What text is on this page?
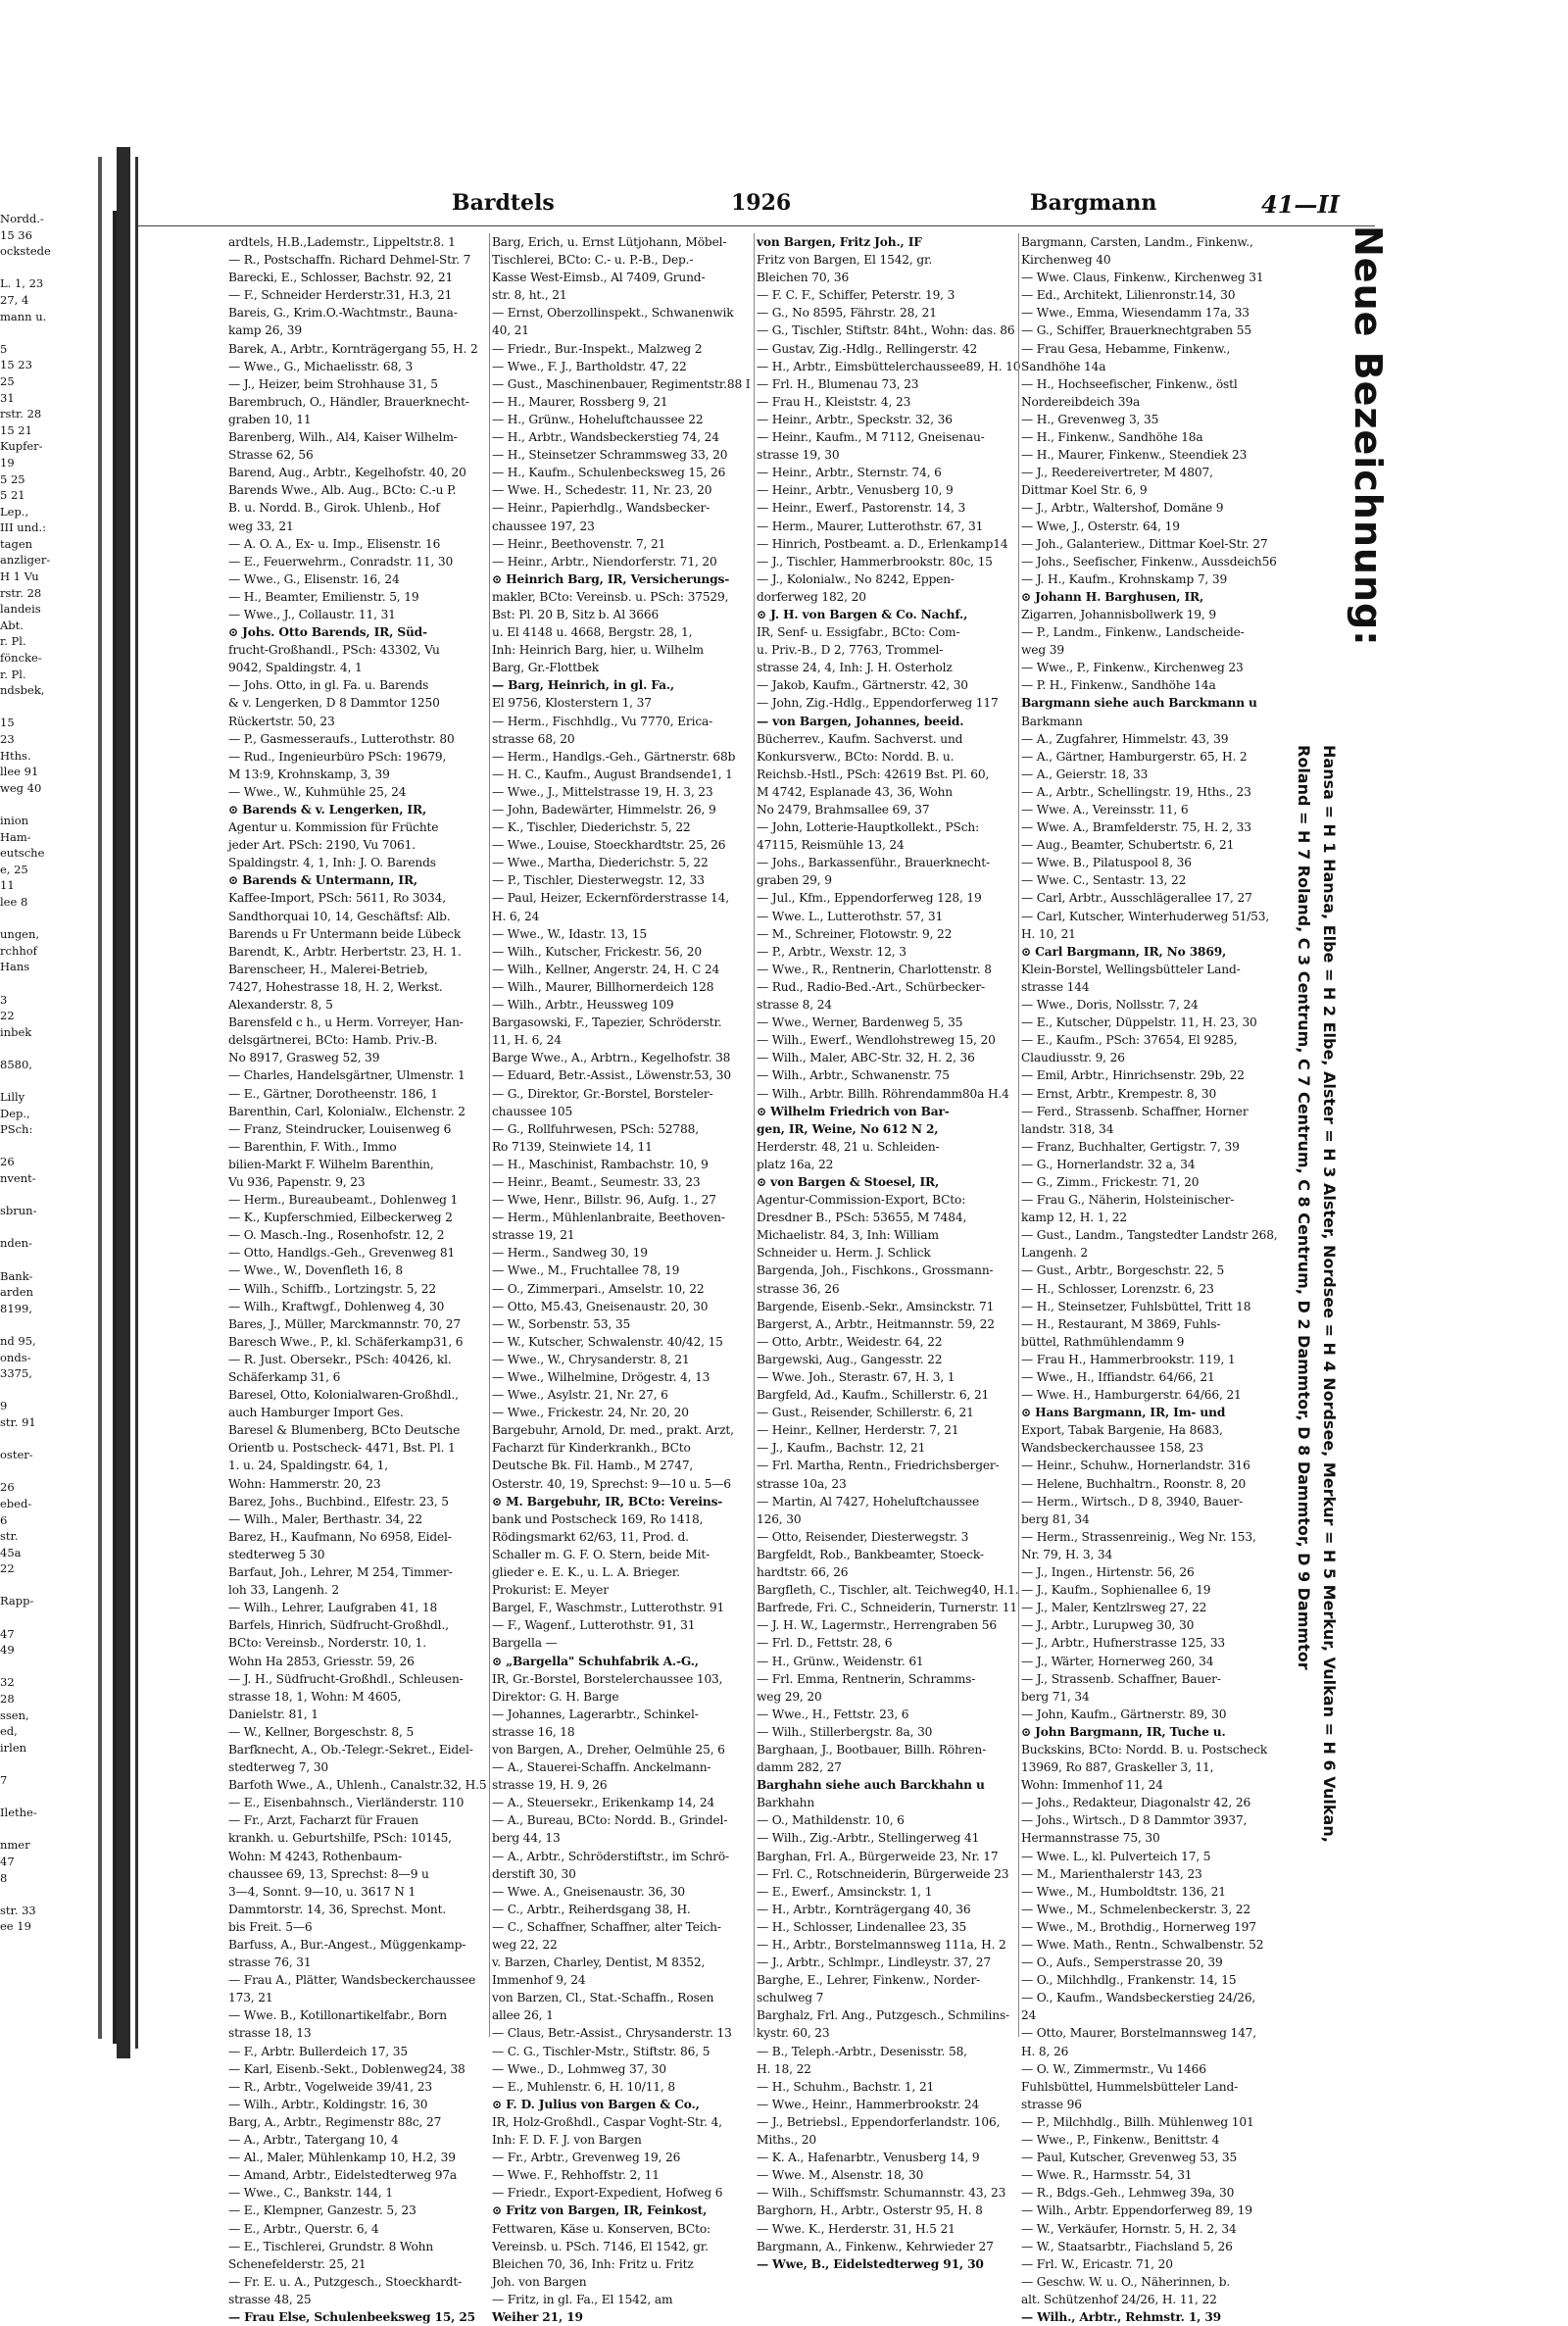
Nordd.-
15 36
ockstede

L. 1, 23
27, 4
mann u.

5
15 23
25
31
rstr. 28
15 21
Kupfer-
19
5 25
5 21
Lep.,
III und.:
tagen
anzliger-
H 1 Vu
rstr. 28
landeis
Abt.
r. Pl.
föncke-
r. Pl.
ndsbek,

15
23
Hths.
llee 91
weg 40

inion
Ham-
eutsche
e, 25
11
lee 8

ungen,
rchhof
Hans

3
22
inbek

8580,

Lilly
Dep.,
PSch:

26
nvent-

sbrun-

nden-

Bank-
arden
8199,

nd 95,
onds-
3375,

9
str. 91

oster-

26
ebed-
6
str.
45a
22

Rapp-

47
49

32
28
ssen,
ed,
irlen

7

Ilethe-

nmer
47
8

str. 33
ee 19
Bardtels	1926	Bargmann	41—II
ardtels, H.B.,Lademstr., Lippeltstr.8. 1
— R., Postschaffn. Richard Dehmel-Str. 7
Barecki, E., Schlosser, Bachstr. 92, 21
— F., Schneider Herderstr.31, H.3, 21
Bareis, G., Krim.O.-Wachtmstr., Bauna-
kamp 26, 39
Barek, A., Arbtr., Kornträgergang 55, H. 2
— Wwe., G., Michaelisstr. 68, 3
— J., Heizer, beim Strohhause 31, 5
Barembruch, O., Händler, Brauerknecht-
graben 10, 11
Barenberg, Wilh., Al4, Kaiser Wilhelm-
Strasse 62, 56
Barend, Aug., Arbtr., Kegelhofstr. 40, 20
Barends Wwe., Alb. Aug., BCto: C.-u P.
B. u. Nordd. B., Girok. Uhlenb., Hof
weg 33, 21
— A. O. A., Ex- u. Imp., Elisenstr. 16
— E., Feuerwehrm., Conradstr. 11, 30
— Wwe., G., Elisenstr. 16, 24
— H., Beamter, Emilienstr. 5, 19
— Wwe., J., Collaustr. 11, 31
⊙ Johs. Otto Barends, IR, Süd-
frucht-Großhandl., PSch: 43302, Vu
9042, Spaldingstr. 4, 1
— Johs. Otto, in gl. Fa. u. Barends
& v. Lengerken, D 8 Dammtor 1250
Rückertstr. 50, 23
— P., Gasmesseraufs., Lutterothstr. 80
— Rud., Ingenieurbüro PSch: 19679,
M 13:9, Krohnskamp, 3, 39
— Wwe., W., Kuhmühle 25, 24
⊙ Barends & v. Lengerken, IR,
Agentur u. Kommission für Früchte
jeder Art. PSch: 2190, Vu 7061.
Spaldingstr. 4, 1, Inh: J. O. Barends
⊙ Barends & Untermann, IR,
Kaffee-Import, PSch: 5611, Ro 3034,
Sandthorquai 10, 14, Geschäftsf: Alb.
Barends u Fr Untermann beide Lübeck
Barendt, K., Arbtr. Herbertstr. 23, H. 1.
Barenscheer, H., Malerei-Betrieb,
7427, Hohestrasse 18, H. 2, Werkst.
Alexanderstr. 8, 5
Barensfeld c h., u Herm. Vorreyer, Han-
delsgärtnerei, BCto: Hamb. Priv.-B.
No 8917, Grasweg 52, 39
— Charles, Handelsgärtner, Ulmenstr. 1
— E., Gärtner, Dorotheenstr. 186, 1
Barenthin, Carl, Kolonialw., Elchenstr. 2
— Franz, Steindrucker, Louisenweg 6
— Barenthin, F. With., Immo
bilien-Markt F. Wilhelm Barenthin,
Vu 936, Papenstr. 9, 23
— Herm., Bureaubeamt., Dohlenweg 1
— K., Kupferschmied, Eilbeckerweg 2
— O. Masch.-Ing., Rosenhofstr. 12, 2
— Otto, Handlgs.-Geh., Grevenweg 81
— Wwe., W., Dovenfleth 16, 8
— Wilh., Schiffb., Lortzingstr. 5, 22
— Wilh., Kraftwgf., Dohlenweg 4, 30
Bares, J., Müller, Marckmannstr. 70, 27
Baresch Wwe., P., kl. Schäferkamp31, 6
— R. Just. Obersekr., PSch: 40426, kl.
Schäferkamp 31, 6
Baresel, Otto, Kolonialwaren-Großhdl.,
auch Hamburger Import Ges.
Baresel & Blumenberg, BCto Deutsche
Orientb u. Postscheck- 4471, Bst. Pl. 1
1. u. 24, Spaldingstr. 64, 1,
Wohn: Hammerstr. 20, 23
Barez, Johs., Buchbind., Elfestr. 23, 5
— Wilh., Maler, Berthastr. 34, 22
Barez, H., Kaufmann, No 6958, Eidel-
stedterweg 5 30
Barfaut, Joh., Lehrer, M 254, Timmer-
loh 33, Langenh. 2
— Wilh., Lehrer, Laufgraben 41, 18
Barfels, Hinrich, Südfrucht-Großhdl.,
BCto: Vereinsb., Norderstr. 10, 1.
Wohn Ha 2853, Griesstr. 59, 26
— J. H., Südfrucht-Großhdl., Schleusen-
strasse 18, 1, Wohn: M 4605,
Danielstr. 81, 1
— W., Kellner, Borgeschstr. 8, 5
Barfknecht, A., Ob.-Telegr.-Sekret., Eidel-
stedterweg 7, 30
Barfoth Wwe., A., Uhlenh., Canalstr.32, H.5
— E., Eisenbahnsch., Vierländerstr. 110
— Fr., Arzt, Facharzt für Frauen
krankh. u. Geburtshilfe, PSch: 10145,
Wohn: M 4243, Rothenbaum-
chaussee 69, 13, Sprechst: 8—9 u
3—4, Sonnt. 9—10, u. 3617 N 1
Dammtorstr. 14, 36, Sprechst. Mont.
bis Freit. 5—6
Barfuss, A., Bur.-Angest., Müggenkamp-
strasse 76, 31
— Frau A., Plätter, Wandsbeckerchaussee
173, 21
— Wwe. B., Kotillonartikelfabr., Born
strasse 18, 13
— F., Arbtr. Bullerdeich 17, 35
— Karl, Eisenb.-Sekt., Doblenweg24, 38
— R., Arbtr., Vogelweide 39/41, 23
— Wilh., Arbtr., Koldingstr. 16, 30
Barg, A., Arbtr., Regimenstr 88c, 27
— A., Arbtr., Tatergang 10, 4
— Al., Maler, Mühlenkamp 10, H.2, 39
— Amand, Arbtr., Eidelstedterweg 97a
— Wwe., C., Bankstr. 144, 1
— E., Klempner, Ganzestr. 5, 23
— E., Arbtr., Querstr. 6, 4
— E., Tischlerei, Grundstr. 8 Wohn
Schenefelderstr. 25, 21
— Fr. E. u. A., Putzgesch., Stoeckhardt-
strasse 48, 25
— Frau Else, Schulenbeeksweg 15, 25
Barg, Erich, u. Ernst Lütjohann, Möbel-
Tischlerei, BCto: C.- u. P.-B., Dep.-
Kasse West-Eimsb., Al 7409, Grund-
str. 8, ht., 21
— Ernst, Oberzollinspekt., Schwanenwik
40, 21
— Friedr., Bur.-Inspekt., Malzweg 2
— Wwe., F. J., Bartholdstr. 47, 22
— Gust., Maschinenbauer, Regimentstr.88 I
— H., Maurer, Rossberg 9, 21
— H., Grünw., Hoheluftchaussee 22
— H., Arbtr., Wandsbeckerstieg 74, 24
— H., Steinsetzer Schrammsweg 33, 20
— H., Kaufm., Schulenbecksweg 15, 26
— Wwe. H., Schedestr. 11, Nr. 23, 20
— Heinr., Papierhdlg., Wandsbecker-
chaussee 197, 23
— Heinr., Beethovenstr. 7, 21
— Heinr., Arbtr., Niendorferstr. 71, 20
⊙ Heinrich Barg, IR, Versicherungs-
makler, BCto: Vereinsb. u. PSch: 37529,
Bst: Pl. 20 B, Sitz b. Al 3666
u. El 4148 u. 4668, Bergstr. 28, 1,
Inh: Heinrich Barg, hier, u. Wilhelm
Barg, Gr.-Flottbek
— Barg, Heinrich, in gl. Fa.,
El 9756, Klosterstern 1, 37
— Herm., Fischhdlg., Vu 7770, Erica-
strasse 68, 20
— Herm., Handlgs.-Geh., Gärtnerstr. 68b
— H. C., Kaufm., August Brandsende1, 1
— Wwe., J., Mittelstrasse 19, H. 3, 23
— John, Badewärter, Himmelstr. 26, 9
— K., Tischler, Diederichstr. 5, 22
— Wwe., Louise, Stoeckhardtstr. 25, 26
— Wwe., Martha, Diederichstr. 5, 22
— P., Tischler, Diesterwegstr. 12, 33
— Paul, Heizer, Eckernförderstrasse 14,
H. 6, 24
— Wwe., W., Idastr. 13, 15
— Wilh., Kutscher, Frickestr. 56, 20
— Wilh., Kellner, Angerstr. 24, H. C 24
— Wilh., Maurer, Billhornerdeich 128
— Wilh., Arbtr., Heussweg 109
Bargasowski, F., Tapezier, Schröderstr.
11, H. 6, 24
Barge Wwe., A., Arbtrn., Kegelhofstr. 38
— Eduard, Betr.-Assist., Löwenstr.53, 30
— G., Direktor, Gr.-Borstel, Borsteler-
chaussee 105
— G., Rollfuhrwesen, PSch: 52788,
Ro 7139, Steinwiete 14, 11
— H., Maschinist, Rambachstr. 10, 9
— Heinr., Beamt., Seumestr. 33, 23
— Wwe, Henr., Billstr. 96, Aufg. 1., 27
— Herm., Mühlenlanbraite, Beethoven-
strasse 19, 21
— Herm., Sandweg 30, 19
— Wwe., M., Fruchtallee 78, 19
— O., Zimmerpari., Amselstr. 10, 22
— Otto, M5.43, Gneisenaustr. 20, 30
— W., Sorbenstr. 53, 35
— W., Kutscher, Schwalenstr. 40/42, 15
— Wwe., W., Chrysanderstr. 8, 21
— Wwe., Wilhelmine, Drögestr. 4, 13
— Wwe., Asylstr. 21, Nr. 27, 6
— Wwe., Frickestr. 24, Nr. 20, 20
Bargebuhr, Arnold, Dr. med., prakt. Arzt,
Facharzt für Kinderkrankh., BCto
Deutsche Bk. Fil. Hamb., M 2747,
Osterstr. 40, 19, Sprechst: 9—10 u. 5—6
⊙ M. Bargebuhr, IR, BCto: Vereins-
bank und Postscheck 169, Ro 1418,
Rödingsmarkt 62/63, 11, Prod. d.
Schaller m. G. F. O. Stern, beide Mit-
glieder e. E. K., u. L. A. Brieger.
Prokurist: E. Meyer
Bargel, F., Waschmstr., Lutterothstr. 91
— F., Wagenf., Lutterothstr. 91, 31
Bargella —
⊙ „Bargella" Schuhfabrik A.-G.,
IR, Gr.-Borstel, Borstelerchaussee 103,
Direktor: G. H. Barge
— Johannes, Lagerarbtr., Schinkel-
strasse 16, 18
von Bargen, A., Dreher, Oelmühle 25, 6
— A., Stauerei-Schaffn. Anckelmann-
strasse 19, H. 9, 26
— A., Steuersekr., Erikenkamp 14, 24
— A., Bureau, BCto: Nordd. B., Grindel-
berg 44, 13
— A., Arbtr., Schröderstiftstr., im Schrö-
derstift 30, 30
— Wwe. A., Gneisenaustr. 36, 30
— C., Arbtr., Reiherdsgang 38, H.
— C., Schaffner, Schaffner, alter Teich-
weg 22, 22
v. Barzen, Charley, Dentist, M 8352,
Immenhof 9, 24
von Barzen, Cl., Stat.-Schaffn., Rosen
allee 26, 1
— Claus, Betr.-Assist., Chrysanderstr. 13
— C. G., Tischler-Mstr., Stiftstr. 86, 5
— Wwe., D., Lohmweg 37, 30
— E., Muhlenstr. 6, H. 10/11, 8
⊙ F. D. Julius von Bargen & Co.,
IR, Holz-Großhdl., Caspar Voght-Str. 4,
Inh: F. D. F. J. von Bargen
— Fr., Arbtr., Grevenweg 19, 26
— Wwe. F., Rehhoffstr. 2, 11
— Friedr., Export-Expedient, Hofweg 6
⊙ Fritz von Bargen, IR, Feinkost,
Fettwaren, Käse u. Konserven, BCto:
Vereinsb. u. PSch. 7146, El 1542, gr.
Bleichen 70, 36, Inh: Fritz u. Fritz
Joh. von Bargen
— Fritz, in gl. Fa., El 1542, am
Weiher 21, 19
von Bargen, Fritz Joh., IF
Fritz von Bargen, El 1542, gr.
Bleichen 70, 36
— F. C. F., Schiffer, Peterstr. 19, 3
— G., No 8595, Fährstr. 28, 21
— G., Tischler, Stiftstr. 84ht., Wohn: das. 86
— Gustav, Zig.-Hdlg., Rellingerstr. 42
— H., Arbtr., Eimsbüttelerchaussee89, H. 10
— Frl. H., Blumenau 73, 23
— Frau H., Kleiststr. 4, 23
— Heinr., Arbtr., Speckstr. 32, 36
— Heinr., Kaufm., M 7112, Gneisenau-
strasse 19, 30
— Heinr., Arbtr., Sternstr. 74, 6
— Heinr., Arbtr., Venusberg 10, 9
— Heinr., Ewerf., Pastorenstr. 14, 3
— Herm., Maurer, Lutterothstr. 67, 31
— Hinrich, Postbeamt. a. D., Erlenkamp14
— J., Tischler, Hammerbrookstr. 80c, 15
— J., Kolonialw., No 8242, Eppen-
dorferweg 182, 20
⊙ J. H. von Bargen & Co. Nachf.,
IR, Senf- u. Essigfabr., BCto: Com-
u. Priv.-B., D 2, 7763, Trommel-
strasse 24, 4, Inh: J. H. Osterholz
— Jakob, Kaufm., Gärtnerstr. 42, 30
— John, Zig.-Hdlg., Eppendorferweg 117
— von Bargen, Johannes, beeid.
Bücherrev., Kaufm. Sachverst. und
Konkursverw., BCto: Nordd. B. u.
Reichsb.-Hstl., PSch: 42619 Bst. Pl. 60,
M 4742, Esplanade 43, 36, Wohn
No 2479, Brahmsallee 69, 37
— John, Lotterie-Hauptkollekt., PSch:
47115, Reismühle 13, 24
— Johs., Barkassenführ., Brauerknecht-
graben 29, 9
— Jul., Kfm., Eppendorferweg 128, 19
— Wwe. L., Lutterothstr. 57, 31
— M., Schreiner, Flotowstr. 9, 22
— P., Arbtr., Wexstr. 12, 3
— Wwe., R., Rentnerin, Charlottenstr. 8
— Rud., Radio-Bed.-Art., Schürbecker-
strasse 8, 24
— Wwe., Werner, Bardenweg 5, 35
— Wilh., Ewerf., Wendlohstreweg 15, 20
— Wilh., Maler, ABC-Str. 32, H. 2, 36
— Wilh., Arbtr., Schwanenstr. 75
— Wilh., Arbtr. Billh. Röhrendamm80a H.4
⊙ Wilhelm Friedrich von Bar-
gen, IR, Weine, No 612 N 2,
Herderstr. 48, 21 u. Schleiden-
platz 16a, 22
⊙ von Bargen & Stoesel, IR,
Agentur-Commission-Export, BCto:
Dresdner B., PSch: 53655, M 7484,
Michaelistr. 84, 3, Inh: William
Schneider u. Herm. J. Schlick
Bargenda, Joh., Fischkons., Grossmann-
strasse 36, 26
Bargende, Eisenb.-Sekr., Amsinckstr. 71
Bargerst, A., Arbtr., Heitmannstr. 59, 22
— Otto, Arbtr., Weidestr. 64, 22
Bargewski, Aug., Gangesstr. 22
— Wwe. Joh., Sterastr. 67, H. 3, 1
Bargfeld, Ad., Kaufm., Schillerstr. 6, 21
— Gust., Reisender, Schillerstr. 6, 21
— Heinr., Kellner, Herderstr. 7, 21
— J., Kaufm., Bachstr. 12, 21
— Frl. Martha, Rentn., Friedrichsberger-
strasse 10a, 23
— Martin, Al 7427, Hoheluftchaussee
126, 30
— Otto, Reisender, Diesterwegstr. 3
Bargfeldt, Rob., Bankbeamter, Stoeck-
hardtstr. 66, 26
Bargfleth, C., Tischler, alt. Teichweg40, H.1.
Barfrede, Fri. C., Schneiderin, Turnerstr. 11
— J. H. W., Lagermstr., Herrengraben 56
— Frl. D., Fettstr. 28, 6
— H., Grünw., Weidenstr. 61
— Frl. Emma, Rentnerin, Schramms-
weg 29, 20
— Wwe., H., Fettstr. 23, 6
— Wilh., Stillerbergstr. 8a, 30
Barghaan, J., Bootbauer, Billh. Röhren-
damm 282, 27
Barghahn siehe auch Barckhahn u
Barkhahn
— O., Mathildenstr. 10, 6
— Wilh., Zig.-Arbtr., Stellingerweg 41
Barghan, Frl. A., Bürgerweide 23, Nr. 17
— Frl. C., Rotschneiderin, Bürgerweide 23
— E., Ewerf., Amsinckstr. 1, 1
— H., Arbtr., Kornträgergang 40, 36
— H., Schlosser, Lindenallee 23, 35
— H., Arbtr., Borstelmannsweg 111a, H. 2
— J., Arbtr., Schlmpr., Lindleystr. 37, 27
Barghe, E., Lehrer, Finkenw., Norder-
schulweg 7
Barghalz, Frl. Ang., Putzgesch., Schmilins-
kystr. 60, 23
— B., Teleph.-Arbtr., Desenisstr. 58,
H. 18, 22
— H., Schuhm., Bachstr. 1, 21
— Wwe., Heinr., Hammerbrookstr. 24
— J., Betriebsl., Eppendorferlandstr. 106,
Miths., 20
— K. A., Hafenarbtr., Venusberg 14, 9
— Wwe. M., Alsenstr. 18, 30
— Wilh., Schiffsmstr. Schumannstr. 43, 23
Barghorn, H., Arbtr., Osterstr 95, H. 8
— Wwe. K., Herderstr. 31, H.5 21
Bargmann, A., Finkenw., Kehrwieder 27
— Wwe, B., Eidelstedterweg 91, 30
Bargmann, Carsten, Landm., Finkenw.,
Kirchenweg 40
— Wwe. Claus, Finkenw., Kirchenweg 31
— Ed., Architekt, Lilienronstr.14, 30
— Wwe., Emma, Wiesendamm 17a, 33
— G., Schiffer, Brauerknechtgraben 55
— Frau Gesa, Hebamme, Finkenw.,
Sandhöhe 14a
— H., Hochseefischer, Finkenw., östl
Nordereibdeich 39a
— H., Grevenweg 3, 35
— H., Finkenw., Sandhöhe 18a
— H., Maurer, Finkenw., Steendiek 23
— J., Reedereivertreter, M 4807,
Dittmar Koel Str. 6, 9
— J., Arbtr., Waltershof, Domäne 9
— Wwe, J., Osterstr. 64, 19
— Joh., Galanteriew., Dittmar Koel-Str. 27
— Johs., Seefischer, Finkenw., Aussdeich56
— J. H., Kaufm., Krohnskamp 7, 39
⊙ Johann H. Barghusen, IR,
Zigarren, Johannisbollwerk 19, 9
— P., Landm., Finkenw., Landscheide-
weg 39
— Wwe., P., Finkenw., Kirchenweg 23
— P. H., Finkenw., Sandhöhe 14a
Bargmann siehe auch Barckmann u
Barkmann
— A., Zugfahrer, Himmelstr. 43, 39
— A., Gärtner, Hamburgerstr. 65, H. 2
— A., Geierstr. 18, 33
— A., Arbtr., Schellingstr. 19, Hths., 23
— Wwe. A., Vereinsstr. 11, 6
— Wwe. A., Bramfelderstr. 75, H. 2, 33
— Aug., Beamter, Schubertstr. 6, 21
— Wwe. B., Pilatuspool 8, 36
— Wwe. C., Sentastr. 13, 22
— Carl, Arbtr., Ausschlägerallee 17, 27
— Carl, Kutscher, Winterhuderweg 51/53,
H. 10, 21
⊙ Carl Bargmann, IR, No 3869,
Klein-Borstel, Wellingsbütteler Land-
strasse 144
— Wwe., Doris, Nollsstr. 7, 24
— E., Kutscher, Düppelstr. 11, H. 23, 30
— E., Kaufm., PSch: 37654, El 9285,
Claudiusstr. 9, 26
— Emil, Arbtr., Hinrichsenstr. 29b, 22
— Ernst, Arbtr., Krempestr. 8, 30
— Ferd., Strassenb. Schaffner, Horner
landstr. 318, 34
— Franz, Buchhalter, Gertigstr. 7, 39
— G., Hornerlandstr. 32 a, 34
— G., Zimm., Frickestr. 71, 20
— Frau G., Näherin, Holsteinischer-
kamp 12, H. 1, 22
— Gust., Landm., Tangstedter Landstr 268,
Langenh. 2
— Gust., Arbtr., Borgeschstr. 22, 5
— H., Schlosser, Lorenzstr. 6, 23
— H., Steinsetzer, Fuhlsbüttel, Tritt 18
— H., Restaurant, M 3869, Fuhls-
büttel, Rathmühlendamm 9
— Frau H., Hammerbrookstr. 119, 1
— Wwe., H., Iffiandstr. 64/66, 21
— Wwe. H., Hamburgerstr. 64/66, 21
⊙ Hans Bargmann, IR, Im- und
Export, Tabak Bargenie, Ha 8683,
Wandsbeckerchaussee 158, 23
— Heinr., Schuhw., Hornerlandstr. 316
— Helene, Buchhaltrn., Roonstr. 8, 20
— Herm., Wirtsch., D 8, 3940, Bauer-
berg 81, 34
— Herm., Strassenreinig., Weg Nr. 153,
Nr. 79, H. 3, 34
— J., Ingen., Hirtenstr. 56, 26
— J., Kaufm., Sophienallee 6, 19
— J., Maler, Kentzlrsweg 27, 22
— J., Arbtr., Lurupweg 30, 30
— J., Arbtr., Hufnerstrasse 125, 33
— J., Wärter, Hornerweg 260, 34
— J., Strassenb. Schaffner, Bauer-
berg 71, 34
— John, Kaufm., Gärtnerstr. 89, 30
⊙ John Bargmann, IR, Tuche u.
Buckskins, BCto: Nordd. B. u. Postscheck
13969, Ro 887, Graskeller 3, 11,
Wohn: Immenhof 11, 24
— Johs., Redakteur, Diagonalstr 42, 26
— Johs., Wirtsch., D 8 Dammtor 3937,
Hermannstrasse 75, 30
— Wwe. L., kl. Pulverteich 17, 5
— M., Marienthalerstr 143, 23
— Wwe., M., Humboldtstr. 136, 21
— Wwe., M., Schmelenbeckerstr. 3, 22
— Wwe., M., Brothdig., Hornerweg 197
— Wwe. Math., Rentn., Schwalbenstr. 52
— O., Aufs., Semperstrasse 20, 39
— O., Milchhdlg., Frankenstr. 14, 15
— O., Kaufm., Wandsbeckerstieg 24/26,
24
— Otto, Maurer, Borstelmannsweg 147,
H. 8, 26
— O. W., Zimmermstr., Vu 1466
Fuhlsbüttel, Hummelsbütteler Land-
strasse 96
— P., Milchhdlg., Billh. Mühlenweg 101
— Wwe., P., Finkenw., Benittstr. 4
— Paul, Kutscher, Grevenweg 53, 35
— Wwe. R., Harmsstr. 54, 31
— R., Bdgs.-Geh., Lehmweg 39a, 30
— Wilh., Arbtr. Eppendorferweg 89, 19
— W., Verkäufer, Hornstr. 5, H. 2, 34
— W., Staatsarbtr., Fiachsland 5, 26
— Frl. W., Ericastr. 71, 20
— Geschw. W. u. O., Näherinnen, b.
alt. Schützenhof 24/26, H. 11, 22
— Wilh., Arbtr., Rehmstr. 1, 39
Neue Bezeichnung:
Hansa = H 1 Hansa, Elbe = H 2 Elbe, Alster = H 3 Alster, Nordsee = H 4 Nordsee, Merkur = H 5 Merkur, Vulkan = H 6 Vulkan,
Roland = H 7 Roland, C 3 Centrum, C 7 Centrum, C 8 Centrum, D 2 Dammtor, D 8 Dammtor, D 9 Dammtor
